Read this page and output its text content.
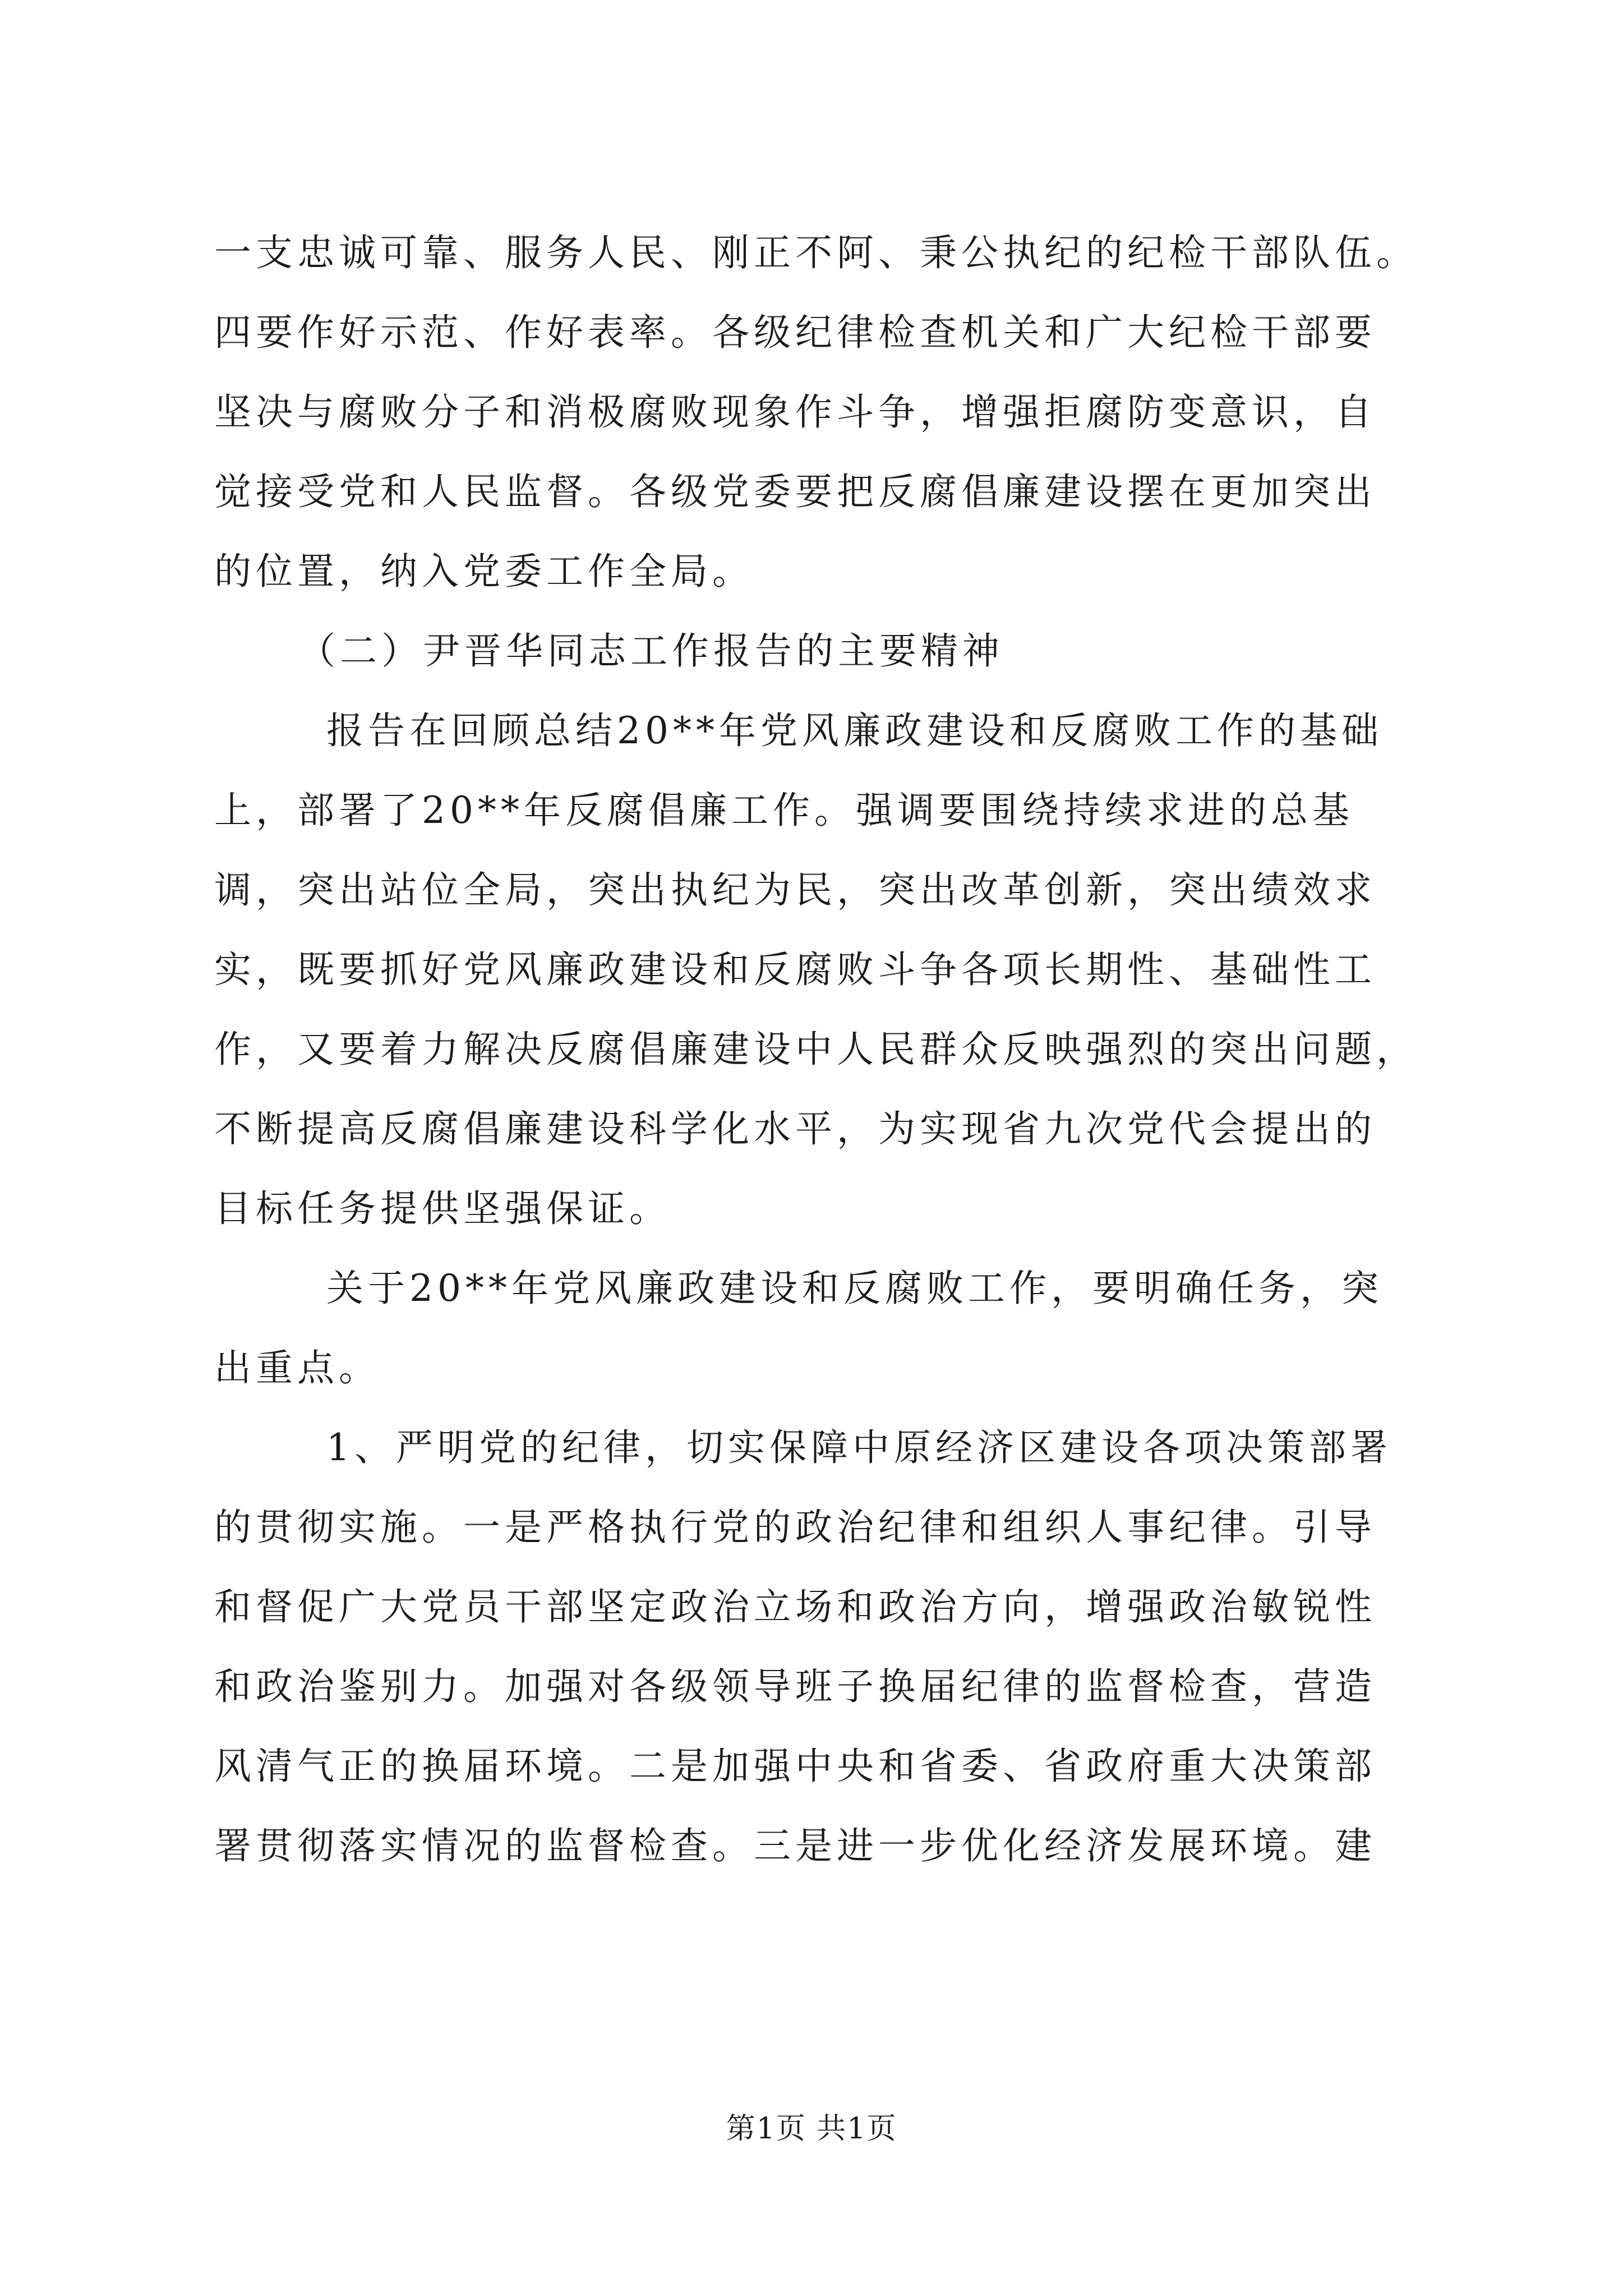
一支忠诚可靠、服务人民、刚正不阿、秉公执纪的纪检干部队伍。
四要作好示范、作好表率。各级纪律检查机关和广大纪检干部要
坚决与腐败分子和消极腐败现象作斗争，增强拒腐防变意识，自
觉接受党和人民监督。各级党委要把反腐倡廉建设摆在更加突出
的位置，纳入党委工作全局。
（二）尹晋华同志工作报告的主要精神
报告在回顾总结20**年党风廉政建设和反腐败工作的基础
上，部署了20**年反腐倡廉工作。强调要围绕持续求进的总基
调，突出站位全局，突出执纪为民，突出改革创新，突出绩效求
实，既要抓好党风廉政建设和反腐败斗争各项长期性、基础性工
作，又要着力解决反腐倡廉建设中人民群众反映强烈的突出问题，
不断提高反腐倡廉建设科学化水平，为实现省九次党代会提出的
目标任务提供坚强保证。
关于20**年党风廉政建设和反腐败工作，要明确任务，突
出重点。
1、严明党的纪律，切实保障中原经济区建设各项决策部署
的贯彻实施。一是严格执行党的政治纪律和组织人事纪律。引导
和督促广大党员干部坚定政治立场和政治方向，增强政治敏锐性
和政治鉴别力。加强对各级领导班子换届纪律的监督检查，营造
风清气正的换届环境。二是加强中央和省委、省政府重大决策部
署贯彻落实情况的监督检查。三是进一步优化经济发展环境。建
第1页 共1页
